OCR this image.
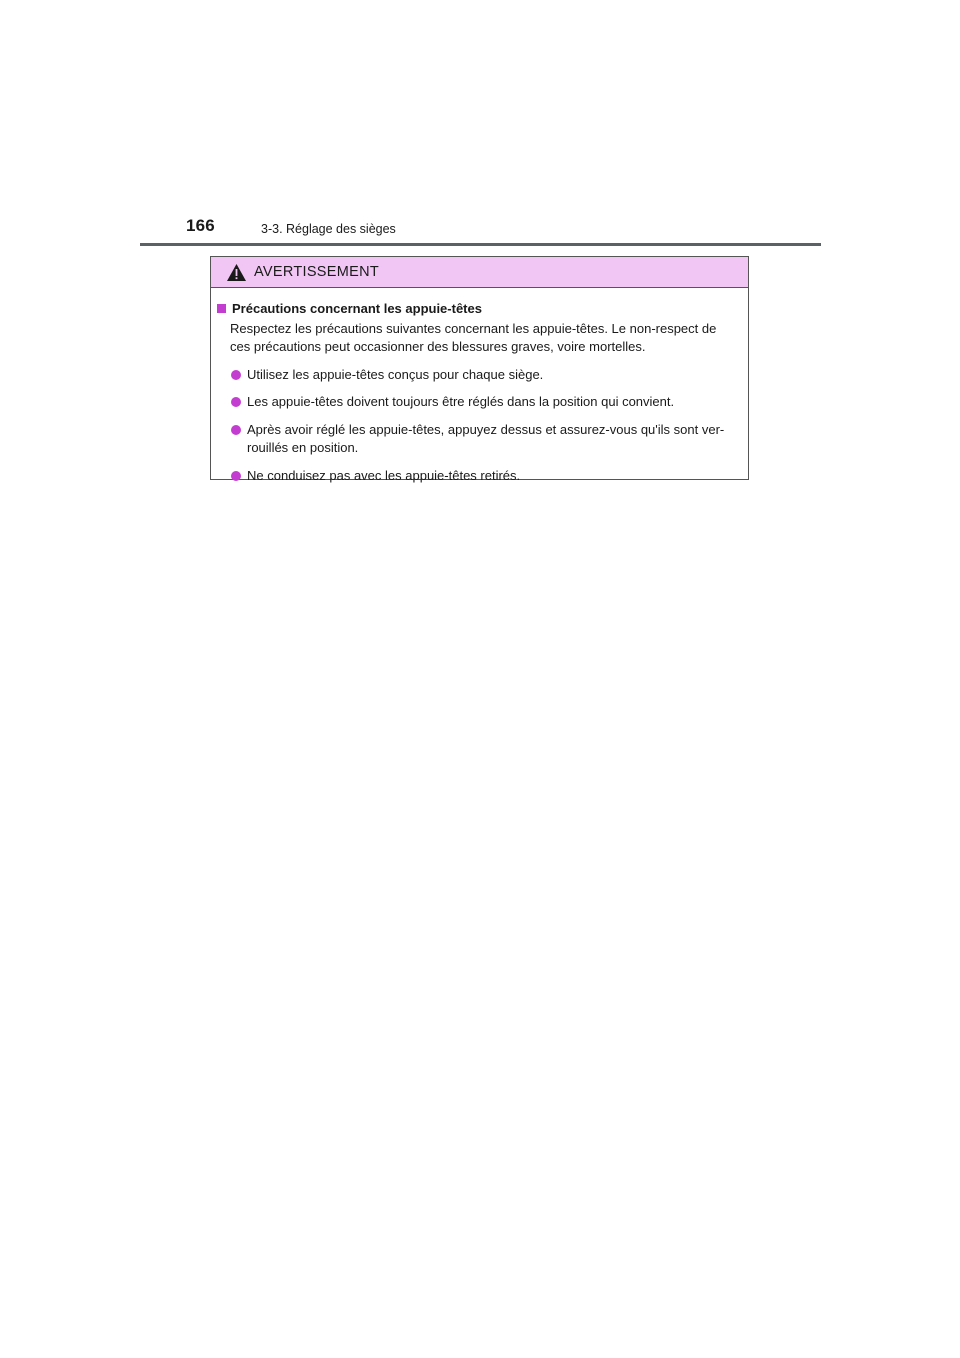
166	3-3. Réglage des sièges
AVERTISSEMENT
Précautions concernant les appuie-têtes
Respectez les précautions suivantes concernant les appuie-têtes. Le non-respect de ces précautions peut occasionner des blessures graves, voire mortelles.
Utilisez les appuie-têtes conçus pour chaque siège.
Les appuie-têtes doivent toujours être réglés dans la position qui convient.
Après avoir réglé les appuie-têtes, appuyez dessus et assurez-vous qu'ils sont ver-rouillés en position.
Ne conduisez pas avec les appuie-têtes retirés.
